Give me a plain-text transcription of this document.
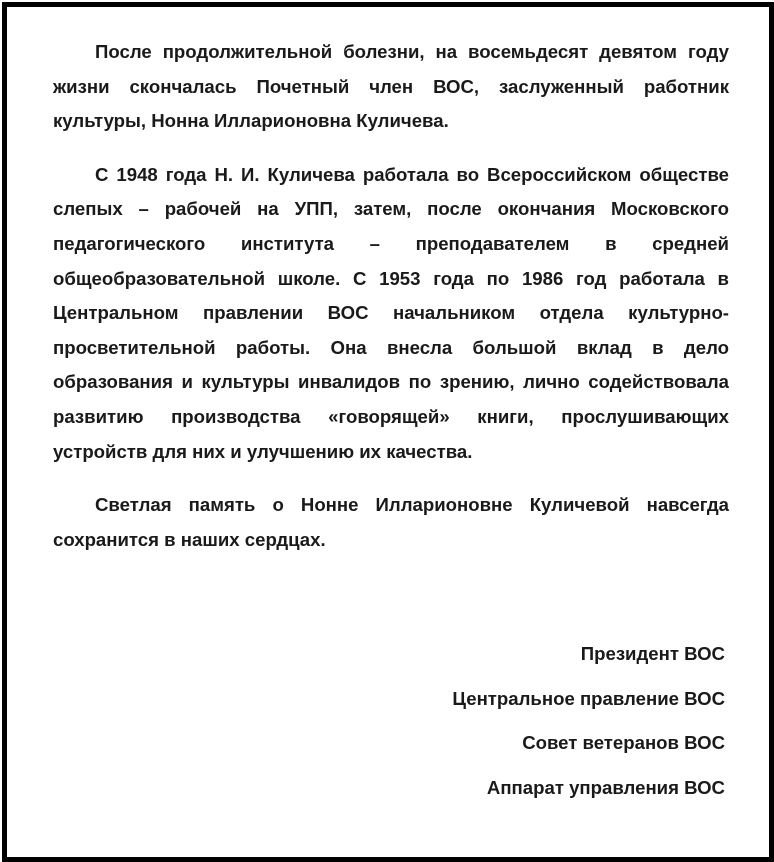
После продолжительной болезни, на восемьдесят девятом году жизни скончалась Почетный член ВОС, заслуженный работник культуры, Нонна Илларионовна Куличева.

С 1948 года Н. И. Куличева работала во Всероссийском обществе слепых – рабочей на УПП, затем, после окончания Московского педагогического института – преподавателем в средней общеобразовательной школе. С 1953 года по 1986 год работала в Центральном правлении ВОС начальником отдела культурно-просветительной работы. Она внесла большой вклад в дело образования и культуры инвалидов по зрению, лично содействовала развитию производства «говорящей» книги, прослушивающих устройств для них и улучшению их качества.

Светлая память о Нонне Илларионовне Куличевой навсегда сохранится в наших сердцах.

Президент ВОС
Центральное правление ВОС
Совет ветеранов ВОС
Аппарат управления ВОС
